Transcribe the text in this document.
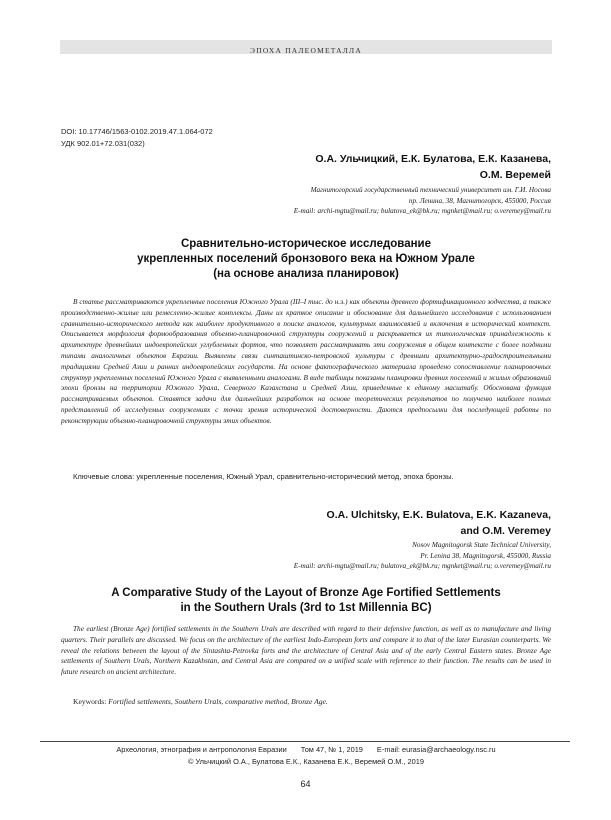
ЭПОХА ПАЛЕОМЕТАЛЛА
DOI: 10.17746/1563-0102.2019.47.1.064-072
УДК 902.01+72.031(032)
О.А. Ульчицкий, Е.К. Булатова, Е.К. Казанева,
О.М. Веремей
Магнитогорский государственный технический университет им. Г.И. Носова
пр. Ленина, 38, Магнитогорск, 455000, Россия
E-mail: archi-mgtu@mail.ru; bulatova_ek@bk.ru; mgnket@mail.ru; o.veremey@mail.ru
Сравнительно-историческое исследование
укрепленных поселений бронзового века на Южном Урале
(на основе анализа планировок)

В статье рассматриваются укрепленные поселения Южного Урала (III–I тыс. до н.э.) как объекты древнего фортификационного зодчества, а также производственно-жилые или ремесленно-жилые комплексы. Даны их краткое описание и обоснование для дальнейшего исследования с использованием сравнительно-исторического метода как наиболее продуктивного в поиске аналогов, культурных взаимосвязей и включения в исторический контекст. Описывается морфология формообразования объемно-планировочной структуры сооружений и раскрывается их типологическая принадлежность к архитектуре древнейших индоевропейских углубленных фортов, что позволяет рассматривать эти сооружения в общем контексте с более поздними типами аналогичных объектов Евразии. Выявлены связи синташтинско-петровской культуры с древними архитектурно-градостроительными традициями Средней Азии и ранних индоевропейских государств. На основе фактографического материала проведено сопоставление планировочных структур укрепленных поселений Южного Урала с выявленными аналогами. В виде таблицы показаны планировки древних поселений и жилых образований эпохи бронзы на территории Южного Урала, Северного Казахстана и Средней Азии, приведенные к единому масштабу. Обоснована функция рассматриваемых объектов. Ставятся задачи для дальнейших разработок на основе теоретических результатов по полученю наиболее полных представлений об исследуемых сооружениях с точки зрения исторической достоверности. Даются предпосылки для последующей работы по реконструкции объемно-планировочной структуры этих объектов.

Ключевые слова: укрепленные поселения, Южный Урал, сравнительно-исторический метод, эпоха бронзы.
O.A. Ulchitsky, E.K. Bulatova, E.K. Kazaneva,
and O.M. Veremey
Nosov Magnitogorsk State Technical University,
Pr. Lenina 38, Magnitogorsk, 455000, Russia
E-mail: archi-mgtu@mail.ru; bulatova_ek@bk.ru; mgnket@mail.ru; o.veremey@mail.ru
A Comparative Study of the Layout of Bronze Age Fortified Settlements
in the Southern Urals (3rd to 1st Millennia BC)

The earliest (Bronze Age) fortified settlements in the Southern Urals are described with regard to their defensive function, as well as to manufacture and living quarters. Their parallels are discussed. We focus on the architecture of the earliest Indo-European forts and compare it to that of the later Eurasian counterparts. We reveal the relations between the layout of the Sintashta-Petrovka forts and the architecture of Central Asia and of the early Central Eastern states. Bronze Age settlements of Southern Urals, Northern Kazakhstan, and Central Asia are compared on a unified scale with reference to their function. The results can be used in future research on ancient architecture.

Keywords: Fortified settlements, Southern Urals, comparative method, Bronze Age.
Археология, этнография и антропология Евразии Том 47, № 1, 2019 E-mail: eurasia@archaeology.nsc.ru
© Ульчицкий О.А., Булатова Е.К., Казанева Е.К., Веремей О.М., 2019
64
